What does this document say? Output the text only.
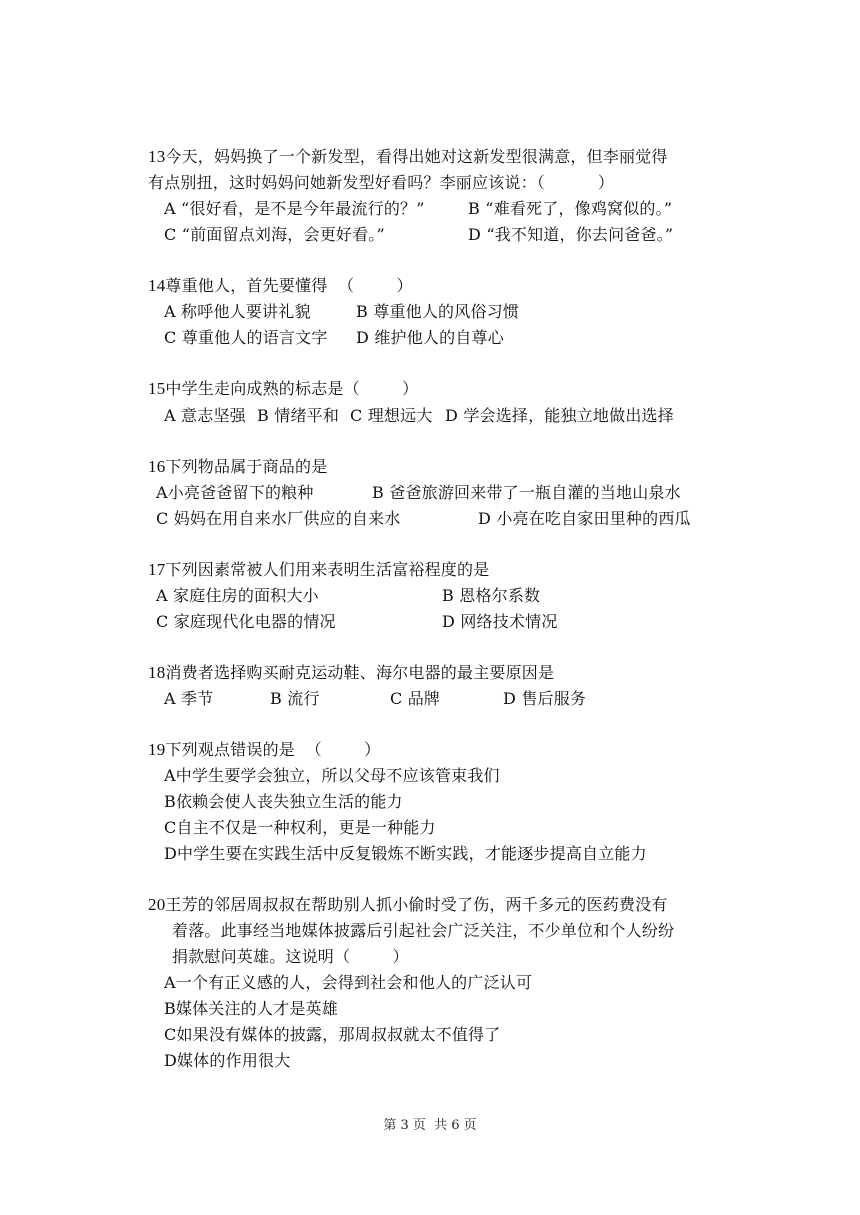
13今天，妈妈换了一个新发型，看得出她对这新发型很满意，但李丽觉得
有点别扭，这时妈妈问她新发型好看吗？李丽应该说：（          ）
A “很好看，是不是今年最流行的？”	B “难看死了，像鸡窝似的。”
C “前面留点刘海，会更好看。”	D “我不知道，你去问爸爸。”
14尊重他人，首先要懂得  （        ）
A 称呼他人要讲礼貌	B 尊重他人的风俗习惯
C 尊重他人的语言文字 D 维护他人的自尊心
15中学生走向成熟的标志是（        ）
A 意志坚强 B 情绪平和 C 理想远大 D 学会选择，能独立地做出选择
16下列物品属于商品的是
A小亮爸爸留下的粮种	B 爸爸旅游回来带了一瓶自灌的当地山泉水
C 妈妈在用自来水厂供应的自来水	D 小亮在吃自家田里种的西瓜
17下列因素常被人们用来表明生活富裕程度的是
A 家庭住房的面积大小	B 恩格尔系数
C 家庭现代化电器的情况	D 网络技术情况
18消费者选择购买耐克运动鞋、海尔电器的最主要原因是
A 季节	B 流行	C 品牌	D 售后服务
19下列观点错误的是  （        ）
A中学生要学会独立，所以父母不应该管束我们
B依赖会使人丧失独立生活的能力
C自主不仅是一种权利，更是一种能力
D中学生要在实践生活中反复锻炼不断实践，才能逐步提高自立能力
20王芳的邻居周叔叔在帮助别人抓小偷时受了伤，两千多元的医药费没有
着落。此事经当地媒体披露后引起社会广泛关注，不少单位和个人纷纷
捐款慰问英雄。这说明（        ）
A一个有正义感的人，会得到社会和他人的广泛认可
B媒体关注的人才是英雄
C如果没有媒体的披露，那周叔叔就太不值得了
D媒体的作用很大
第 3 页  共 6 页
